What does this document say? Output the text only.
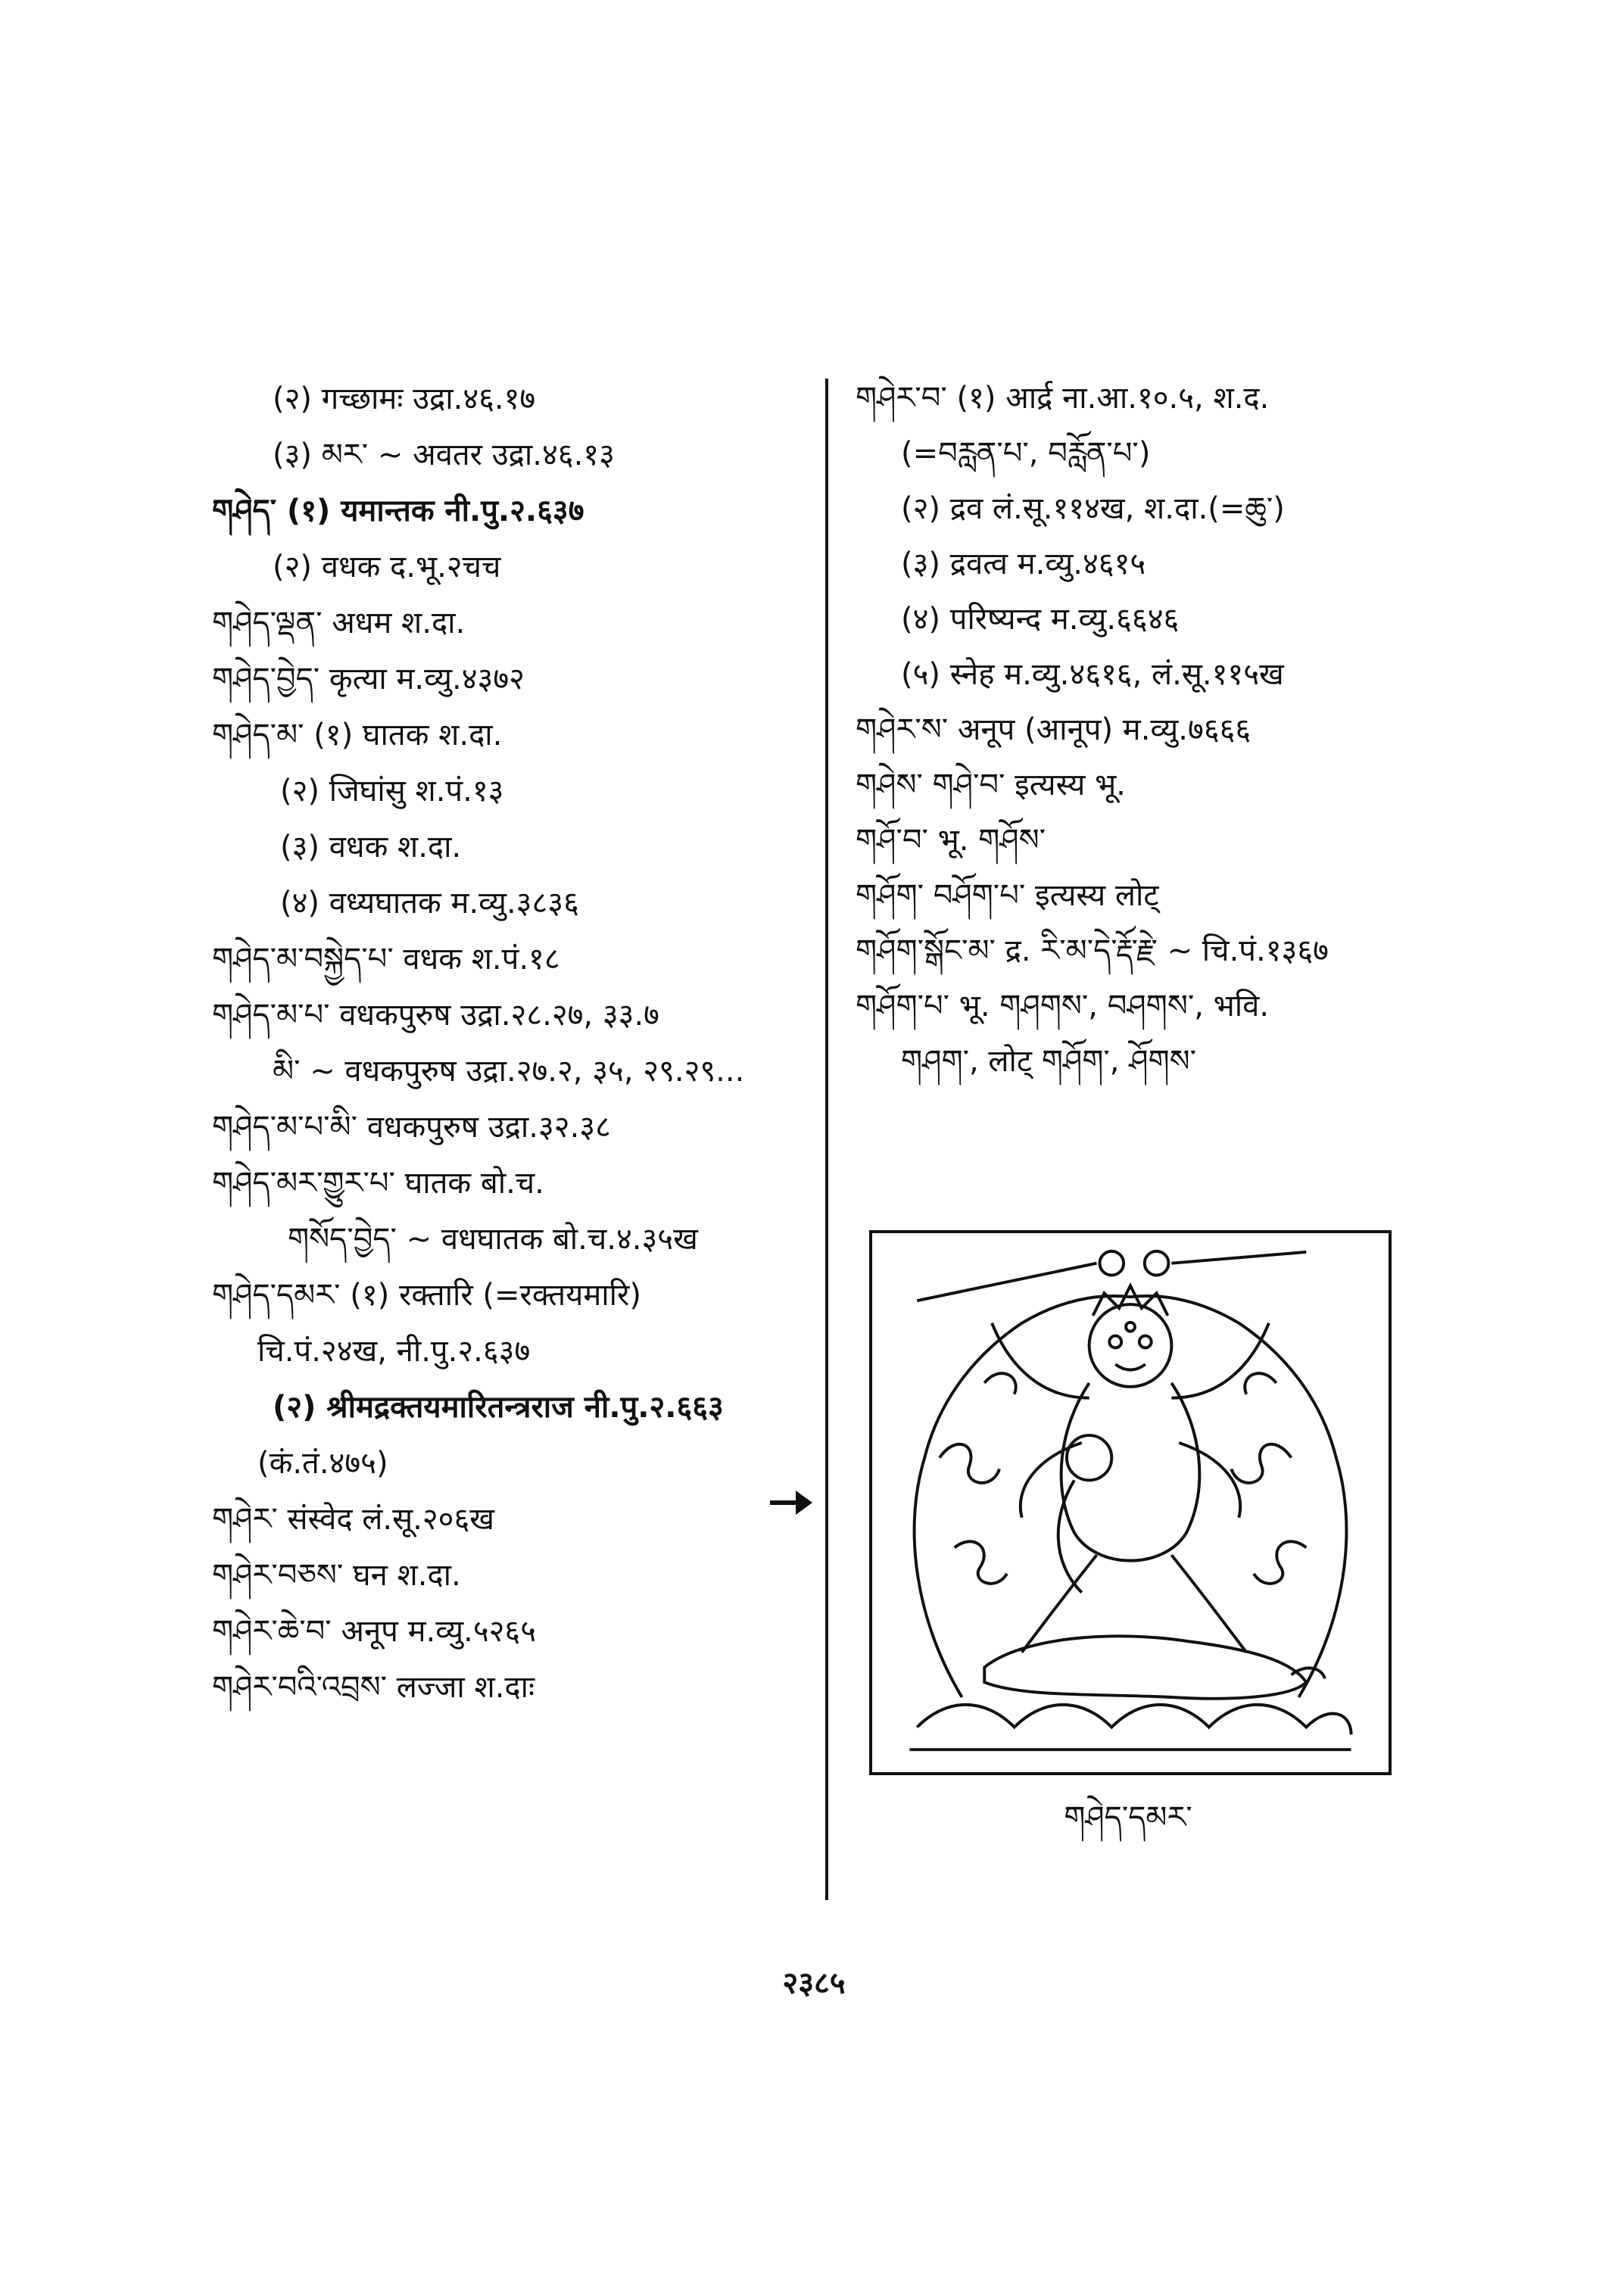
(२) गच्छामः उद्रा.४६.१७
(३) མར་ ~ अवतर उद्रा.४६.१३
གཤེད་ (१) यमान्तक नी.पु.२.६३७
(२) वधक द.भू.२चच
གཤེད་ལྡན་ अधम श.दा.
གཤེད་བྱེད་ कृत्या म.व्यु.४३७२
གཤེད་མ་ (१) घातक श.दा.
(२) जिघांसु श.पं.१३
(३) वधक श.दा.
(४) वध्यघातक म.व्यु.३८३६
གཤེད་མ་བསྐྱེད་པ་ वधक श.पं.१८
གཤེད་མ་པ་ वधकपुरुष उद्रा.२८.२७, ३३.७
མི་ ~ वधकपुरुष उद्रा.२७.२, ३५, २९.२९...
གཤེད་མ་པ་མི་ वधकपुरुष उद्रा.३२.३८
གཤེད་མར་གྱུར་པ་ घातक बो.च.
གསོད་བྱེད་ ~ वधघातक बो.च.४.३५ख
གཤེད་དམར་ (१) रक्तारि (=रक्तयमारि)
चि.पं.२४ख, नी.पु.२.६३७
(२) श्रीमद्रक्तयमारितन्त्रराज नी.पु.२.६६३
(कं.तं.४७५)
གཤེར་ संस्वेद लं.सू.२०६ख
གཤེར་བཅས་ घन श.दा.
གཤེར་ཆེ་བ་ अनूप म.व्यु.५२६५
གཤེར་བའི་འབྲས་ लज्जा श.दाः
གཤེར་བ་ (१) आर्द्र ना.आ.१०.५, श.द.
(=བརླན་པ་, བརློན་པ་)
(२) द्रव लं.सू.११४ख, श.दा.(=ཆུ་)
(३) द्रवत्व म.व्यु.४६१५
(४) परिष्यन्द म.व्यु.६६४६
(५) स्नेह म.व्यु.४६१६, लं.सू.११५ख
གཤེར་ས་ अनूप (आनूप) म.व्यु.७६६६
གཤེས་ གཤེ་བ་ इत्यस्य भू.
གཤོ་བ་ भू. གཤོས་
གཤོག་ བཤོག་པ་ इत्यस्य लोट्
གཤོག་སྒོང་མ་ द्र. རི་མ་དེ་རྡོ་རྗེ་ ~ चि.पं.१३६७
གཤོག་པ་ भू. གཤགས་, བཤགས་, भवि.
གཤག་, लोट् གཤོག་, ཤོགས་
གཤེད་དམར་
२३८५
